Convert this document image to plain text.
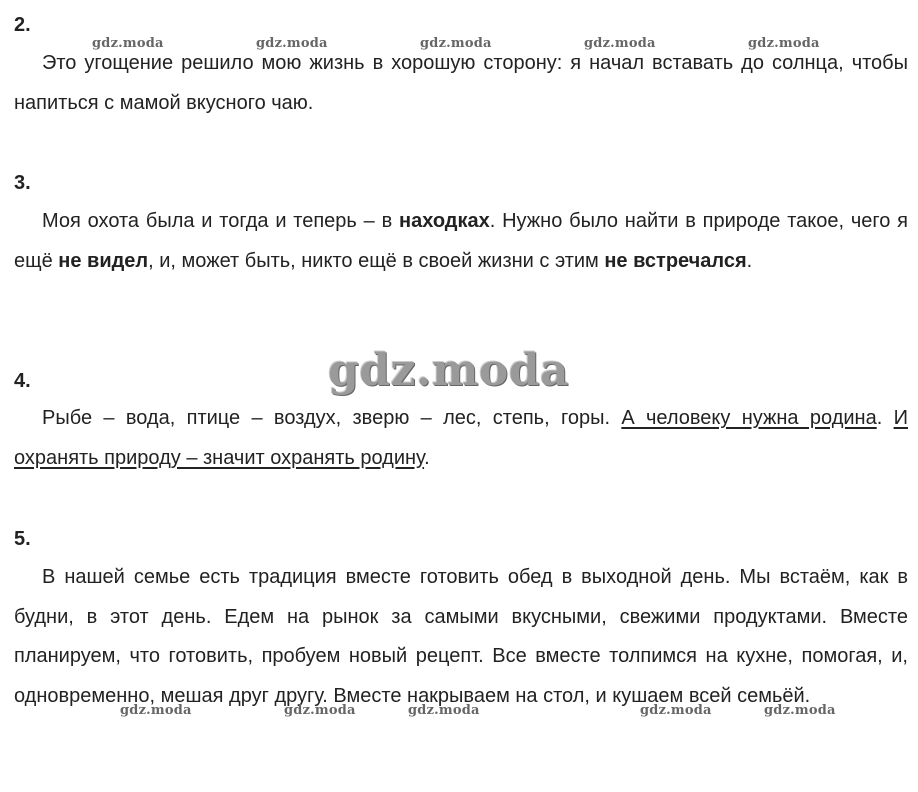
2.
Это угощение решило мою жизнь в хорошую сторону: я начал вставать до солнца, чтобы напиться с мамой вкусного чаю.
3.
Моя охота была и тогда и теперь – в находках. Нужно было найти в природе такое, чего я ещё не видел, и, может быть, никто ещё в своей жизни с этим не встречался.
4.
Рыбе – вода, птице – воздух, зверю – лес, степь, горы. А человеку нужна родина. И охранять природу – значит охранять родину.
5.
В нашей семье есть традиция вместе готовить обед в выходной день. Мы встаём, как в будни, в этот день. Едем на рынок за самыми вкусными, свежими продуктами. Вместе планируем, что готовить, пробуем новый рецепт. Все вместе толпимся на кухне, помогая, и, одновременно, мешая друг другу. Вместе накрываем на стол, и кушаем всей семьёй.
gdz.moda	gdz.moda	gdz.moda	gdz.moda	gdz.moda
gdz.moda
gdz.moda	gdz.moda	gdz.moda	gdz.moda	gdz.moda
